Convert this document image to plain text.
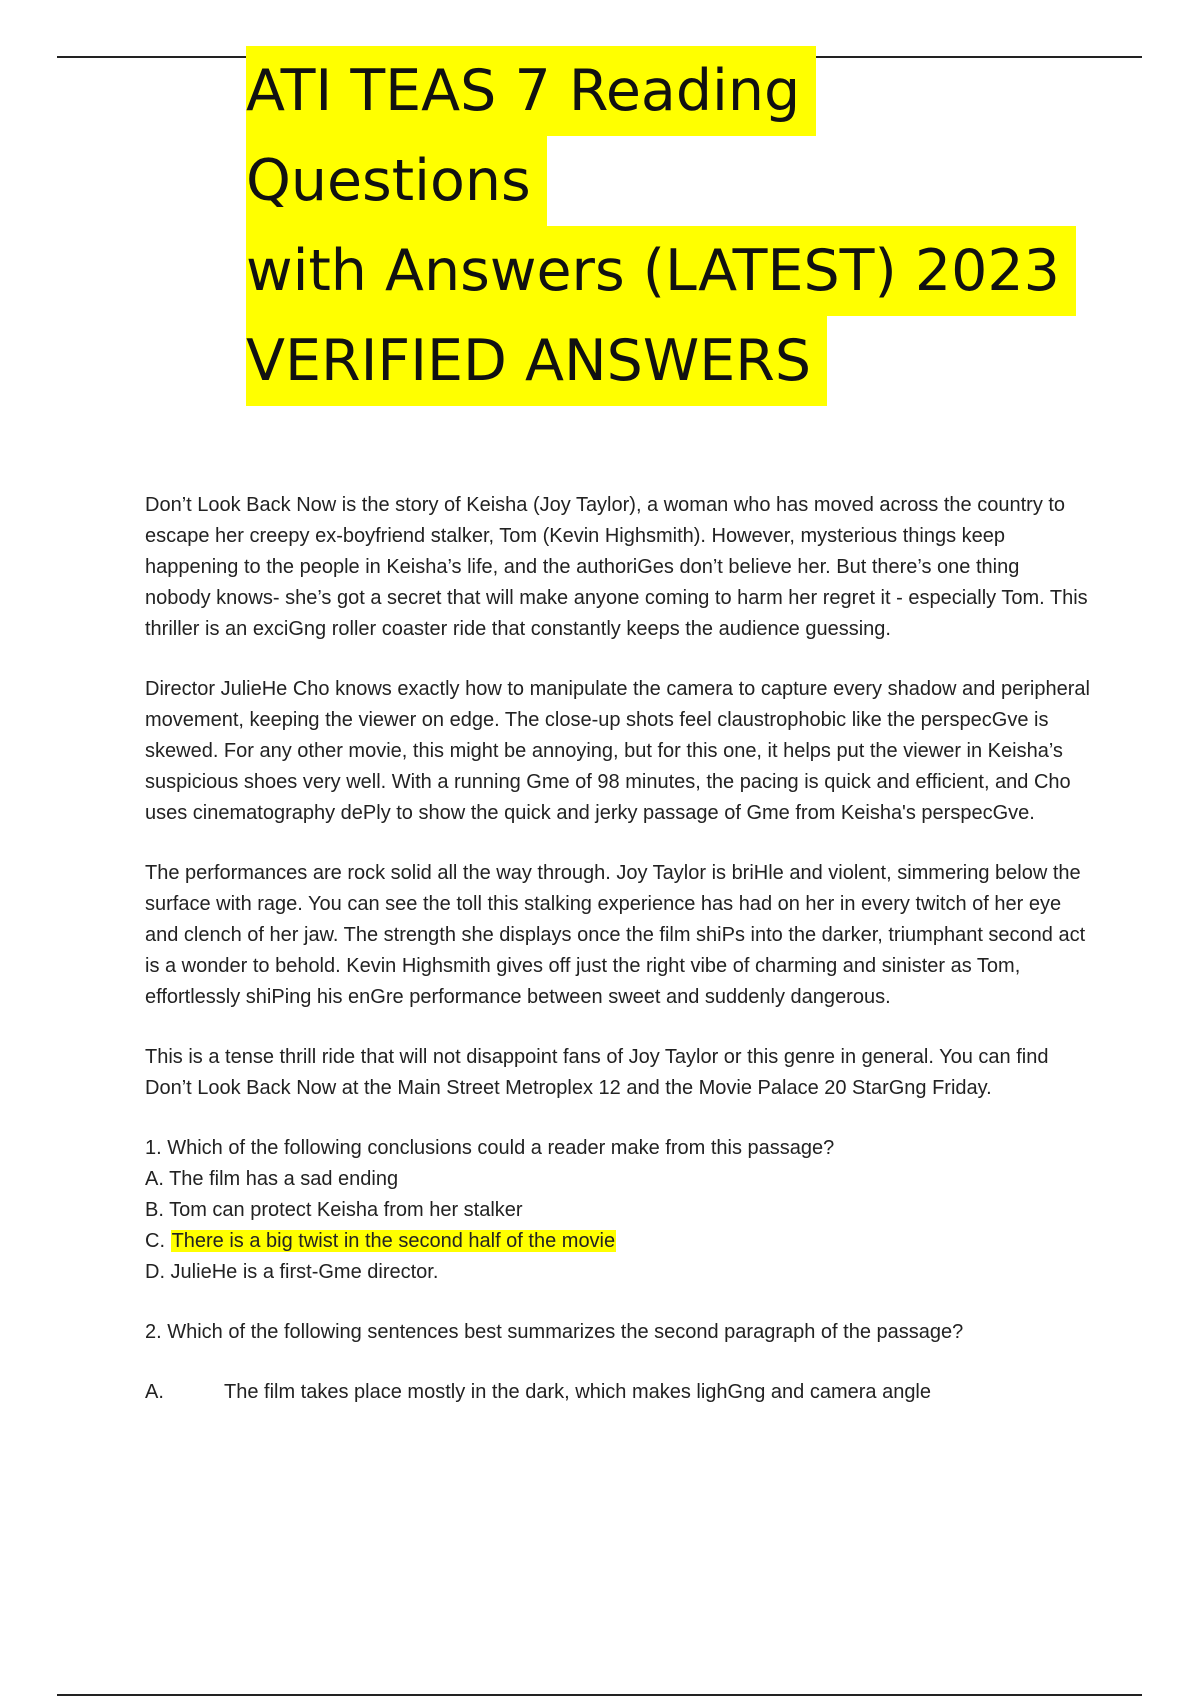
ATI TEAS 7 Reading
Questions
with Answers (LATEST) 2023
VERIFIED ANSWERS

Don’t Look Back Now is the story of Keisha (Joy Taylor), a woman who has moved across the country to escape her creepy ex-boyfriend stalker, Tom (Kevin Highsmith). However, mysterious things keep happening to the people in Keisha’s life, and the authoriGes don’t believe her. But there’s one thing nobody knows- she’s got a secret that will make anyone coming to harm her regret it - especially Tom. This thriller is an exciGng roller coaster ride that constantly keeps the audience guessing.

Director JulieHe Cho knows exactly how to manipulate the camera to capture every shadow and peripheral movement, keeping the viewer on edge. The close-up shots feel claustrophobic like the perspecGve is skewed. For any other movie, this might be annoying, but for this one, it helps put the viewer in Keisha’s suspicious shoes very well. With a running Gme of 98 minutes, the pacing is quick and efficient, and Cho uses cinematography dePly to show the quick and jerky passage of Gme from Keisha's perspecGve.

The performances are rock solid all the way through. Joy Taylor is briHle and violent, simmering below the surface with rage. You can see the toll this stalking experience has had on her in every twitch of her eye and clench of her jaw. The strength she displays once the film shiPs into the darker, triumphant second act is a wonder to behold. Kevin Highsmith gives off just the right vibe of charming and sinister as Tom, effortlessly shiPing his enGre performance between sweet and suddenly dangerous.

This is a tense thrill ride that will not disappoint fans of Joy Taylor or this genre in general. You can find Don’t Look Back Now at the Main Street Metroplex 12 and the Movie Palace 20 StarGng Friday.

1. Which of the following conclusions could a reader make from this passage?
A. The film has a sad ending
B. Tom can protect Keisha from her stalker
C. There is a big twist in the second half of the movie
D. JulieHe is a first-Gme director.
2. Which of the following sentences best summarizes the second paragraph of the passage?
A.	The film takes place mostly in the dark, which makes lighGng and camera angle
